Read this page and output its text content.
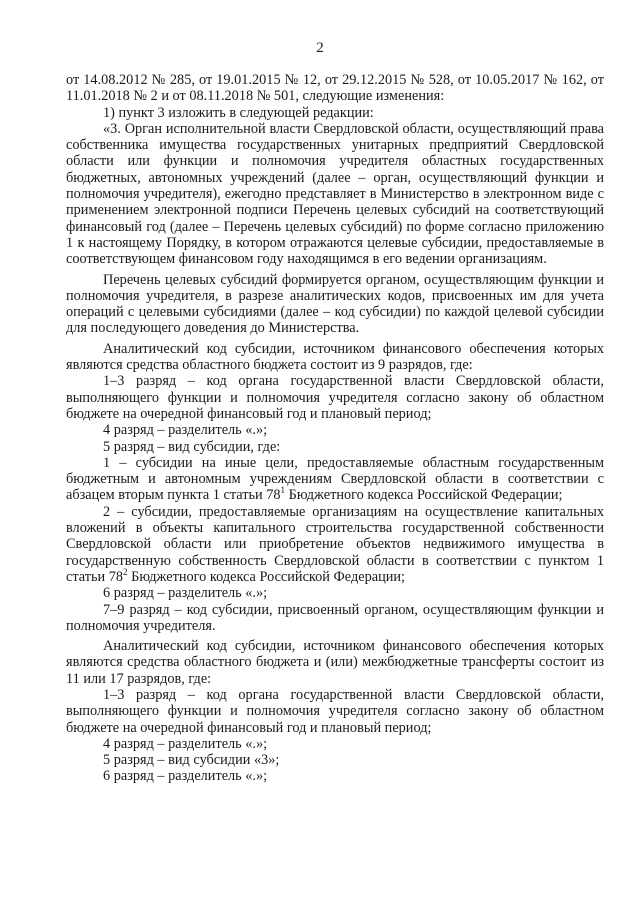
2

от 14.08.2012 № 285, от 19.01.2015 № 12, от 29.12.2015 № 528, от 10.05.2017 № 162, от 11.01.2018 № 2 и от 08.11.2018 № 501, следующие изменения:

1) пункт 3 изложить в следующей редакции:

«3. Орган исполнительной власти Свердловской области, осуществляющий права собственника имущества государственных унитарных предприятий Свердловской области или функции и полномочия учредителя областных государственных бюджетных, автономных учреждений (далее – орган, осуществляющий функции и полномочия учредителя), ежегодно представляет в Министерство в электронном виде с применением электронной подписи Перечень целевых субсидий на соответствующий финансовый год (далее – Перечень целевых субсидий) по форме согласно приложению 1 к настоящему Порядку, в котором отражаются целевые субсидии, предоставляемые в соответствующем финансовом году находящимся в его ведении организациям.

Перечень целевых субсидий формируется органом, осуществляющим функции и полномочия учредителя, в разрезе аналитических кодов, присвоенных им для учета операций с целевыми субсидиями (далее – код субсидии) по каждой целевой субсидии для последующего доведения до Министерства.

Аналитический код субсидии, источником финансового обеспечения которых являются средства областного бюджета состоит из 9 разрядов, где:

1–3 разряд – код органа государственной власти Свердловской области, выполняющего функции и полномочия учредителя согласно закону об областном бюджете на очередной финансовый год и плановый период;

4 разряд – разделитель «.»;

5 разряд – вид субсидии, где:

1 – субсидии на иные цели, предоставляемые областным государственным бюджетным и автономным учреждениям Свердловской области в соответствии с абзацем вторым пункта 1 статьи $78^1$ Бюджетного кодекса Российской Федерации;

2 – субсидии, предоставляемые организациям на осуществление капитальных вложений в объекты капитального строительства государственной собственности Свердловской области или приобретение объектов недвижимого имущества в государственную собственность Свердловской области в соответствии с пунктом 1 статьи $78^2$ Бюджетного кодекса Российской Федерации;

6 разряд – разделитель «.»;

7–9 разряд – код субсидии, присвоенный органом, осуществляющим функции и полномочия учредителя.

Аналитический код субсидии, источником финансового обеспечения которых являются средства областного бюджета и (или) межбюджетные трансферты состоит из 11 или 17 разрядов, где:

1–3 разряд – код органа государственной власти Свердловской области, выполняющего функции и полномочия учредителя согласно закону об областном бюджете на очередной финансовый год и плановый период;

4 разряд – разделитель «.»;

5 разряд – вид субсидии «3»;

6 разряд – разделитель «.»;
